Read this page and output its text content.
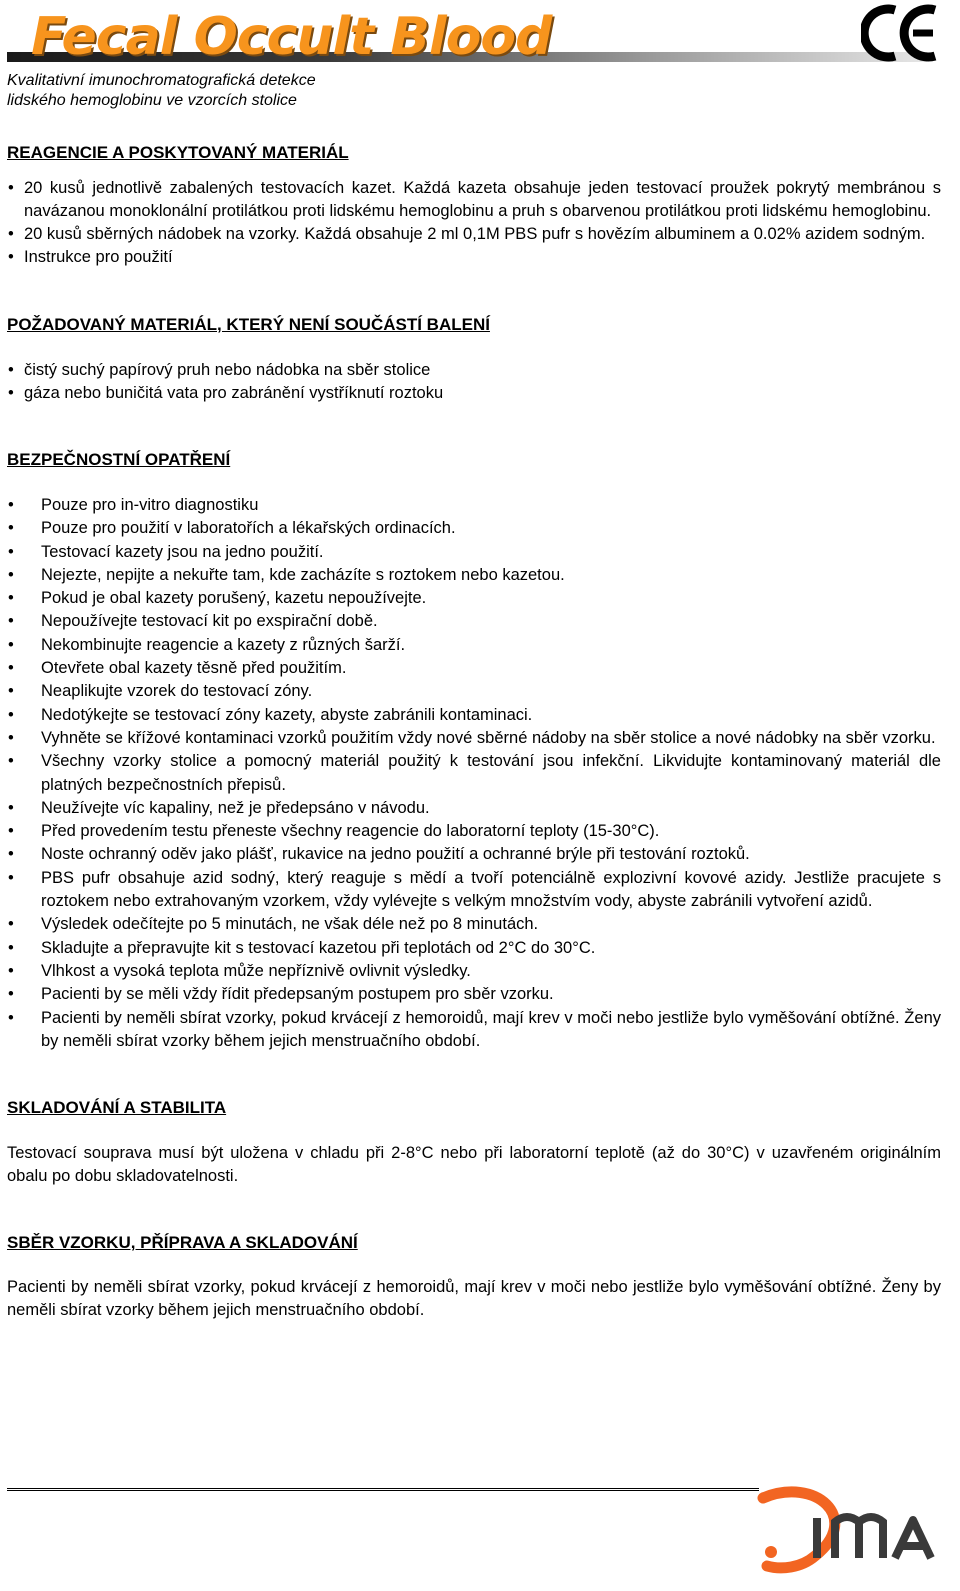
Fecal Occult Blood
Kvalitativní imunochromatografická detekce
lidského hemoglobinu ve vzorcích stolice
REAGENCIE A POSKYTOVANÝ MATERIÁL
• 20 kusů jednotlivě zabalených testovacích kazet. Každá kazeta obsahuje jeden testovací proužek pokrytý membránou s navázanou monoklonální protilátkou proti lidskému hemoglobinu a pruh s obarvenou protilátkou proti lidskému hemoglobinu.
• 20 kusů sběrných nádobek na vzorky. Každá obsahuje 2 ml 0,1M PBS pufr s hovězím albuminem a 0.02% azidem sodným.
• Instrukce pro použití
POŽADOVANÝ MATERIÁL, KTERÝ NENÍ SOUČÁSTÍ BALENÍ
• čistý suchý papírový pruh nebo nádobka na sběr stolice
• gáza nebo buničitá vata pro zabránění vystříknutí roztoku
BEZPEČNOSTNÍ OPATŘENÍ
• Pouze pro in-vitro diagnostiku
• Pouze pro použití v laboratořích a lékařských ordinacích.
• Testovací kazety jsou na jedno použití.
• Nejezte, nepijte a nekuřte tam, kde zacházíte s roztokem nebo kazetou.
• Pokud je obal kazety porušený, kazetu nepoužívejte.
• Nepoužívejte testovací kit po exspirační době.
• Nekombinujte reagencie a kazety z různých šarží.
• Otevřete obal kazety těsně před použitím.
• Neaplikujte vzorek do testovací zóny.
• Nedotýkejte se testovací zóny kazety, abyste zabránili kontaminaci.
• Vyhněte se křížové kontaminaci vzorků použitím vždy nové sběrné nádoby na sběr stolice a nové nádobky na sběr vzorku.
• Všechny vzorky stolice a pomocný materiál použitý k testování jsou infekční. Likvidujte kontaminovaný materiál dle platných bezpečnostních přepisů.
• Neužívejte víc kapaliny, než je předepsáno v návodu.
• Před provedením testu přeneste všechny reagencie do laboratorní teploty (15-30°C).
• Noste ochranný oděv jako plášť, rukavice na jedno použití a ochranné brýle při testování roztoků.
• PBS pufr obsahuje azid sodný, který reaguje s mědí a tvoří potenciálně explozivní kovové azidy. Jestliže pracujete s roztokem nebo extrahovaným vzorkem, vždy vylévejte s velkým množstvím vody, abyste zabránili vytvoření azidů.
• Výsledek odečítejte po 5 minutách, ne však déle než po 8 minutách.
• Skladujte a přepravujte kit s testovací kazetou při teplotách od 2°C do 30°C.
• Vlhkost a vysoká teplota může nepříznivě ovlivnit výsledky.
• Pacienti by se měli vždy řídit předepsaným postupem pro sběr vzorku.
• Pacienti by neměli sbírat vzorky, pokud krvácejí z hemoroidů, mají krev v moči nebo jestliže bylo vyměšování obtížné. Ženy by neměli sbírat vzorky během jejich menstruačního období.
SKLADOVÁNÍ A STABILITA

Testovací souprava musí být uložena v chladu při 2-8°C nebo při laboratorní teplotě (až do 30°C) v uzavřeném originálním obalu po dobu skladovatelnosti.

SBĚR VZORKU, PŘÍPRAVA A SKLADOVÁNÍ

Pacienti by neměli sbírat vzorky, pokud krvácejí z hemoroidů, mají krev v moči nebo jestliže bylo vyměšování obtížné. Ženy by neměli sbírat vzorky během jejich menstruačního období.
